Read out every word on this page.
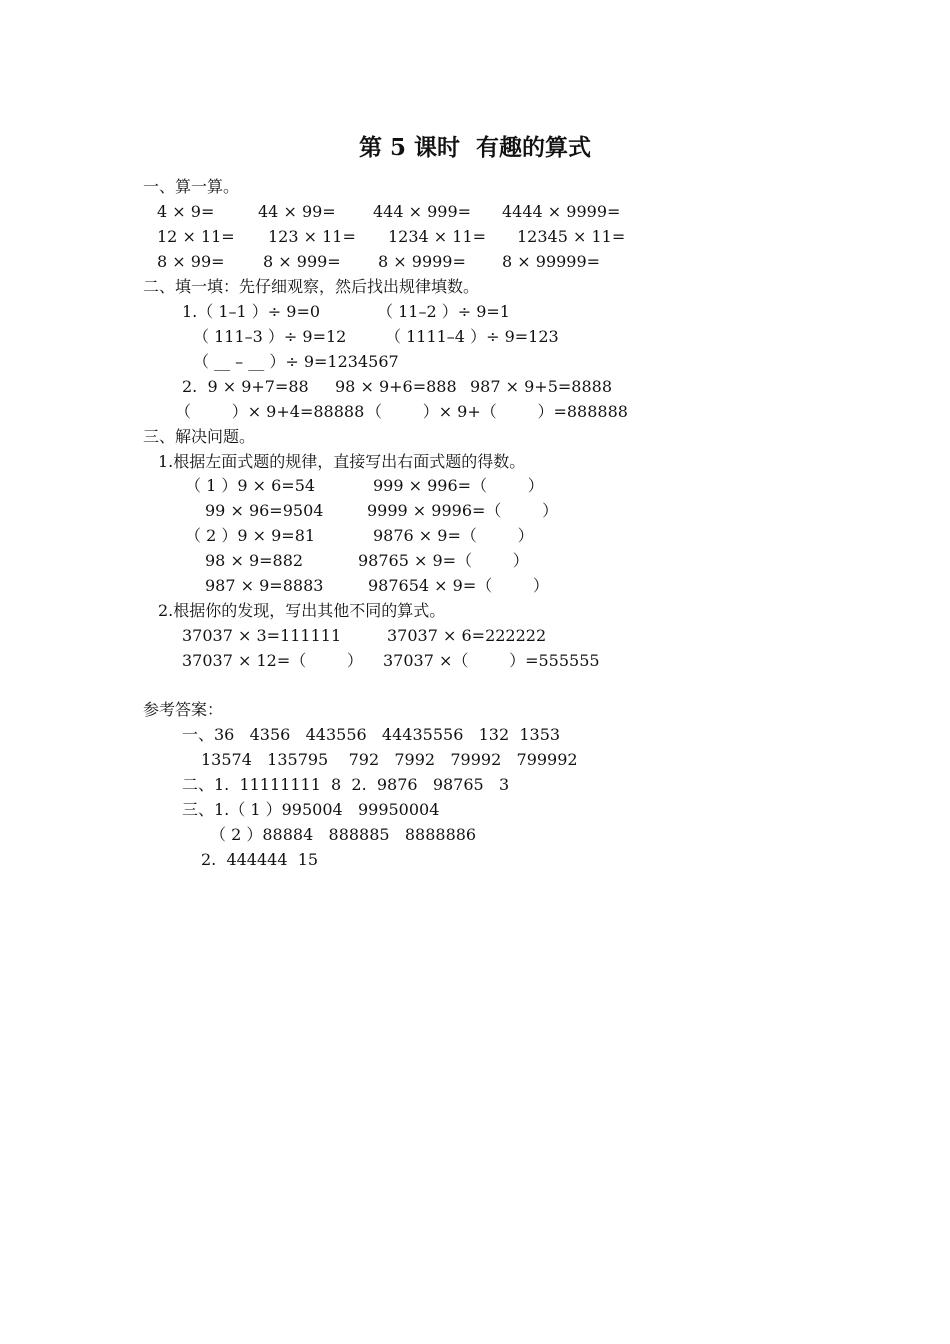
第 5 课时  有趣的算式
一、算一算。
4 × 9=	44 × 99= 444 × 999= 4444 × 9999=
12 × 11= 123 × 11= 1234 × 11= 12345 × 11=
8 × 99= 8 × 999= 8 × 9999= 8 × 99999=
二、填一填：先仔细观察，然后找出规律填数。
1.（ 1–1 ）÷ 9=0	（ 11–2 ）÷ 9=1
（ 111–3 ）÷ 9=12 （ 1111–4 ）÷ 9=123
（ __ – __ ）÷ 9=1234567
2.  9 × 9+7=88 98 × 9+6=888 987 × 9+5=8888
（        ）× 9+4=88888 （        ）× 9+（        ）=888888
三、解决问题。
1.根据左面式题的规律，直接写出右面式题的得数。
（ 1 ）9 × 6=54	999 × 996=（        ）
99 × 96=9504	9999 × 9996=（        ）
（ 2 ）9 × 9=81	9876 × 9=（        ）
98 × 9=882	98765 × 9=（        ）
987 × 9=8883	987654 × 9=（        ）
2.根据你的发现，写出其他不同的算式。
37037 × 3=111111	37037 × 6=222222
37037 × 12=（        ） 37037 ×（        ）=555555
参考答案：
一、36   4356   443556   44435556   132  1353
13574   135795    792   7992   79992   799992
二、1.  11111111  8  2.  9876   98765   3
三、1.（ 1 ）995004   99950004
（ 2 ）88884   888885   8888886
2.  444444  15
